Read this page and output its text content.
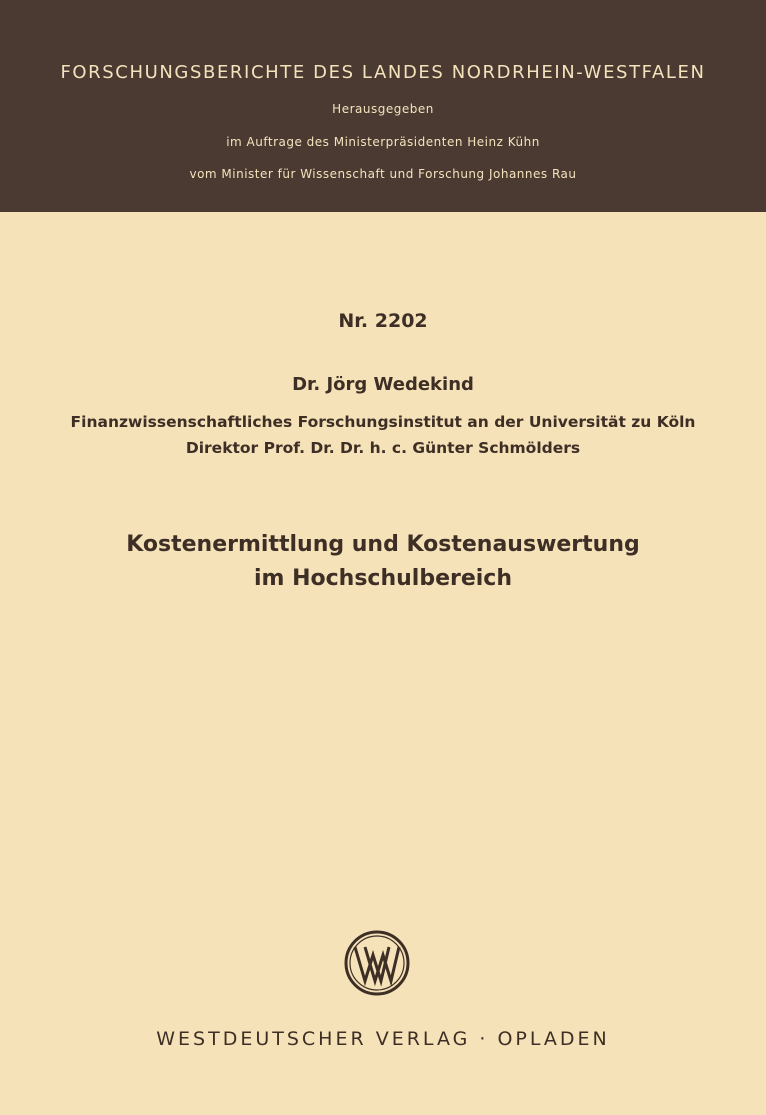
FORSCHUNGSBERICHTE DES LANDES NORDRHEIN-WESTFALEN
Herausgegeben
im Auftrage des Ministerpräsidenten Heinz Kühn
vom Minister für Wissenschaft und Forschung Johannes Rau
Nr. 2202
Dr. Jörg Wedekind
Finanzwissenschaftliches Forschungsinstitut an der Universität zu Köln
Direktor Prof. Dr. Dr. h. c. Günter Schmölders
Kostenermittlung und Kostenauswertung
im Hochschulbereich
WESTDEUTSCHER VERLAG · OPLADEN
